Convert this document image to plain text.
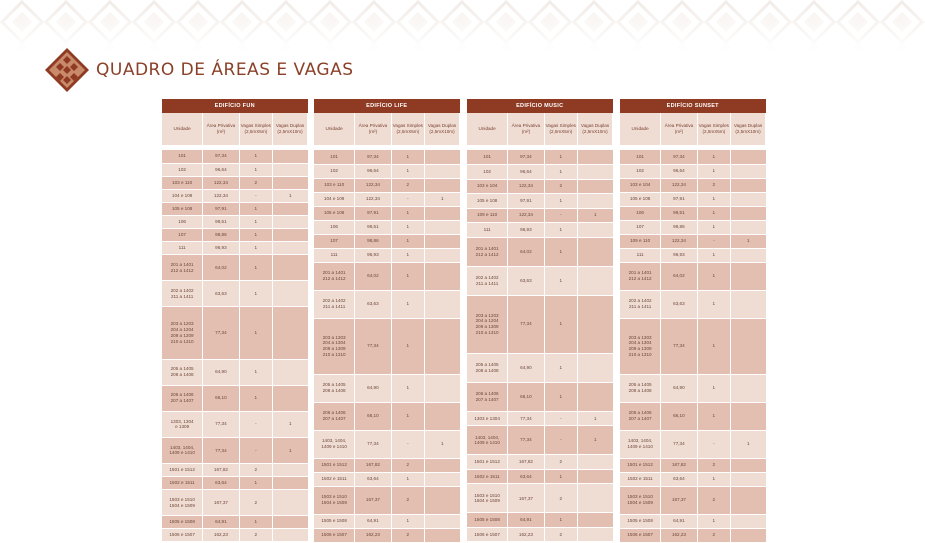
QUADRO DE ÁREAS E VAGAS
EDIFÍCIO FUN			
Unidade	Área Privativa (m²)	Vagas Simples (2,5mX5m)	Vagas Duplas (2,5mX10m)

101	97,34	1	
102	96,64	1	
103 e 110	122,34	2	
104 e 109	122,34	-	1
105 e 108	97,91	1	
106	99,51	1	
107	98,86	1	
111	96,93	1	
201 a 1401
212 a 1412	64,02	1	
202 a 1402
211 a 1411	63,63	1	
203 a 1203
204 a 1204
209 a 1209
210 a 1310	77,34	1	
205 a 1405
208 a 1408	64,90	1	
206 a 1406
207 a 1407	66,10	1	
1303, 1304
e 1309	77,34	-	1
1403, 1404,
1409 e 1410	77,34	-	1
1501 e 1512	167,82	2	
1502 e 1511	63,64	1	
1503 e 1510
1504 e 1509	167,37	2	
1505 e 1508	64,91	1	
1506 e 1507	162,23	2	
EDIFÍCIO LIFE			
Unidade	Área Privativa (m²)	Vagas Simples (2,5mX5m)	Vagas Duplas (2,5mX10m)

101	97,34	1	
102	96,64	1	
103 e 110	122,34	2	
104 e 109	122,34	-	1
105 e 108	97,91	1	
106	99,51	1	
107	98,86	1	
111	96,93	1	
201 a 1401
212 a 1412	64,02	1	
202 a 1402
211 a 1411	63,63	1	
203 a 1303
204 a 1304
209 a 1309
210 a 1310	77,34	1	
205 a 1405
208 a 1408	64,90	1	
206 a 1406
207 a 1407	66,10	1	
1403, 1404,
1409 e 1410	77,34	-	1
1501 e 1512	167,82	2	
1502 e 1511	63,64	1	
1503 e 1510
1504 e 1509	167,37	2	
1505 e 1508	64,91	1	
1506 e 1507	162,23	2	
EDIFÍCIO MUSIC			
Unidade	Área Privativa (m²)	Vagas Simples (2,5mX5m)	Vagas Duplas (2,5mX10m)

101	97,34	1	
102	96,64	1	
103 e 104	122,34	2	
105 e 108	97,91	1	
109 e 110	122,34	-	1
111	96,93	1	
201 a 1401
212 a 1412	64,02	1	
202 a 1402
211 a 1411	63,63	1	
203 a 1203
204 a 1204
209 a 1309
210 a 1310	77,34	1	
205 a 1405
208 a 1408	64,90	1	
206 a 1406
207 a 1407	66,10	1	
1303 e 1304	77,34	-	1
1403, 1404,
1409 e 1410	77,34	-	1
1501 e 1512	167,82	2	
1502 e 1511	63,64	1	
1503 e 1510
1504 e 1509	167,37	2	
1505 e 1508	64,91	1	
1506 e 1507	162,23	2	
EDIFÍCIO SUNSET			
Unidade	Área Privativa (m²)	Vagas Simples (2,5mX5m)	Vagas Duplas (2,5mX10m)

101	97,34	1	
102	96,64	1	
103 e 104	122,34	2	
105 e 108	97,91	1	
106	99,51	1	
107	98,86	1	
109 e 110	122,34	-	1
111	96,93	1	
201 a 1401
212 a 1412	64,02	1	
202 a 1402
211 a 1411	63,63	1	
203 a 1303
204 a 1304
209 a 1309
210 a 1310	77,34	1	
205 a 1405
208 a 1408	64,90	1	
206 a 1406
207 a 1407	66,10	1	
1403, 1404,
1409 e 1410	77,34	-	1
1501 e 1512	167,82	2	
1502 e 1511	63,64	1	
1503 e 1510
1504 e 1509	167,37	2	
1505 e 1508	64,91	1	
1506 e 1507	162,23	2	
